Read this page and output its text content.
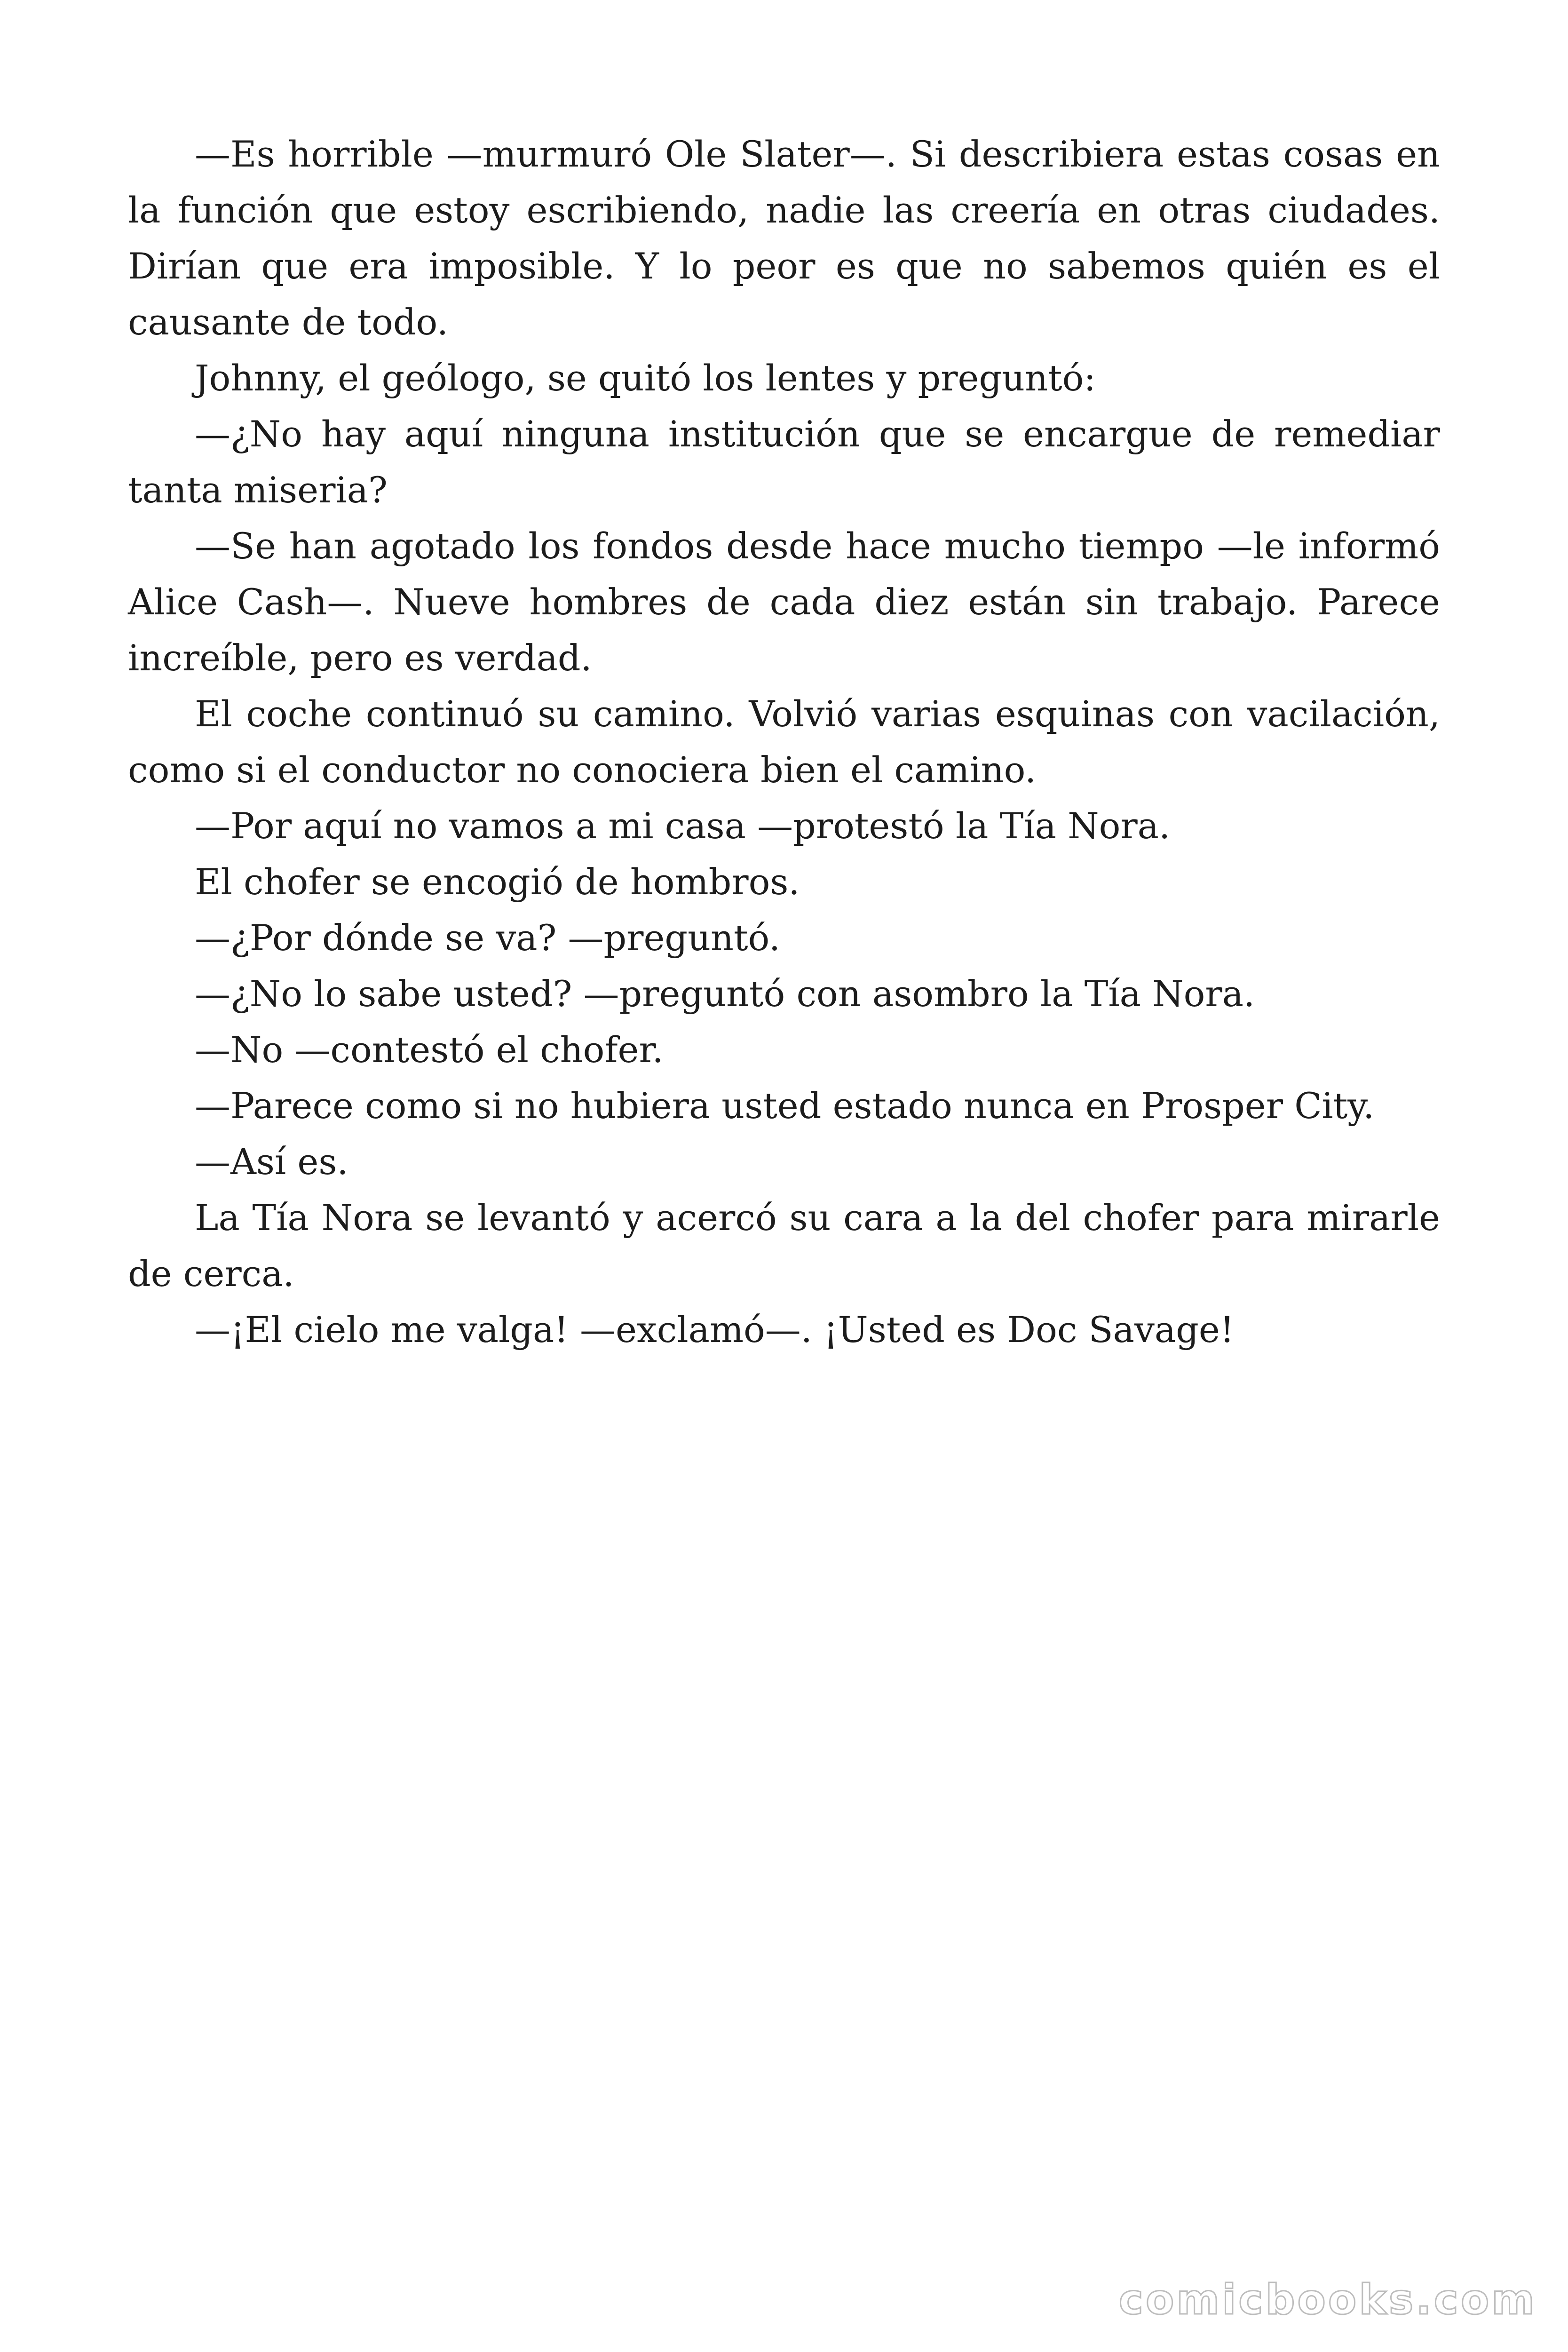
—Es horrible —murmuró Ole Slater—. Si describiera estas cosas en la función que estoy escribiendo, nadie las creería en otras ciudades. Dirían que era imposible. Y lo peor es que no sabemos quién es el causante de todo.

Johnny, el geólogo, se quitó los lentes y preguntó:

—¿No hay aquí ninguna institución que se encargue de remediar tanta miseria?

—Se han agotado los fondos desde hace mucho tiempo —le informó Alice Cash—. Nueve hombres de cada diez están sin trabajo. Parece increíble, pero es verdad.

El coche continuó su camino. Volvió varias esquinas con vacilación, como si el conductor no conociera bien el camino.

—Por aquí no vamos a mi casa —protestó la Tía Nora.

El chofer se encogió de hombros.

—¿Por dónde se va? —preguntó.

—¿No lo sabe usted? —preguntó con asombro la Tía Nora.

—No —contestó el chofer.

—Parece como si no hubiera usted estado nunca en Prosper City.

—Así es.

La Tía Nora se levantó y acercó su cara a la del chofer para mirarle de cerca.

—¡El cielo me valga! —exclamó—. ¡Usted es Doc Savage!

comicbooks.com
